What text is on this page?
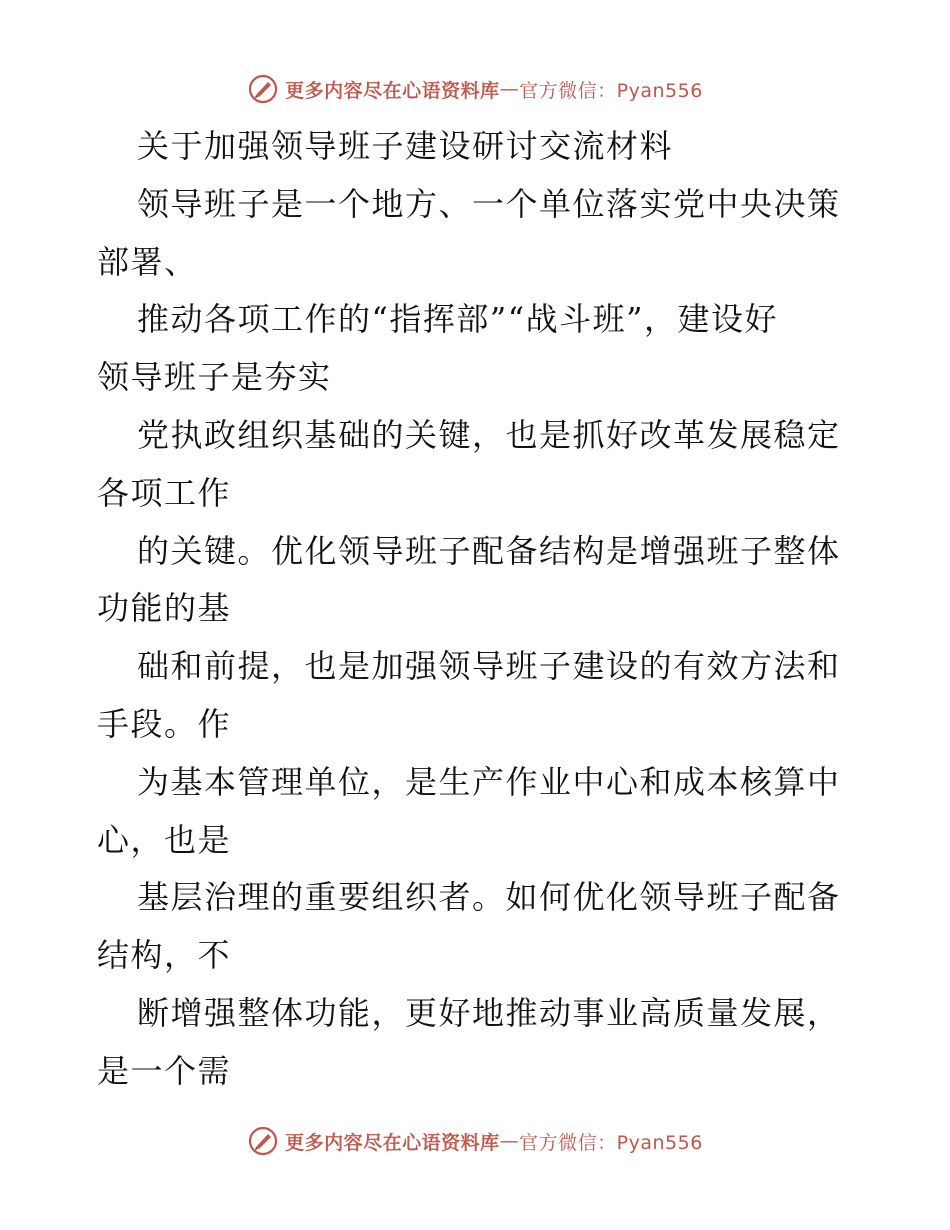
更多内容尽在心语资料库 — 官方微信：Pyan556
关于加强领导班子建设研讨交流材料
领导班子是一个地方、一个单位落实党中央决策
部署、
推动各项工作的“指挥部”“战斗班”，建设好
领导班子是夯实
党执政组织基础的关键，也是抓好改革发展稳定
各项工作
的关键。优化领导班子配备结构是增强班子整体
功能的基
础和前提，也是加强领导班子建设的有效方法和
手段。作
为基本管理单位，是生产作业中心和成本核算中
心，也是
基层治理的重要组织者。如何优化领导班子配备
结构，不
断增强整体功能，更好地推动事业高质量发展，
是一个需
更多内容尽在心语资料库 — 官方微信：Pyan556
